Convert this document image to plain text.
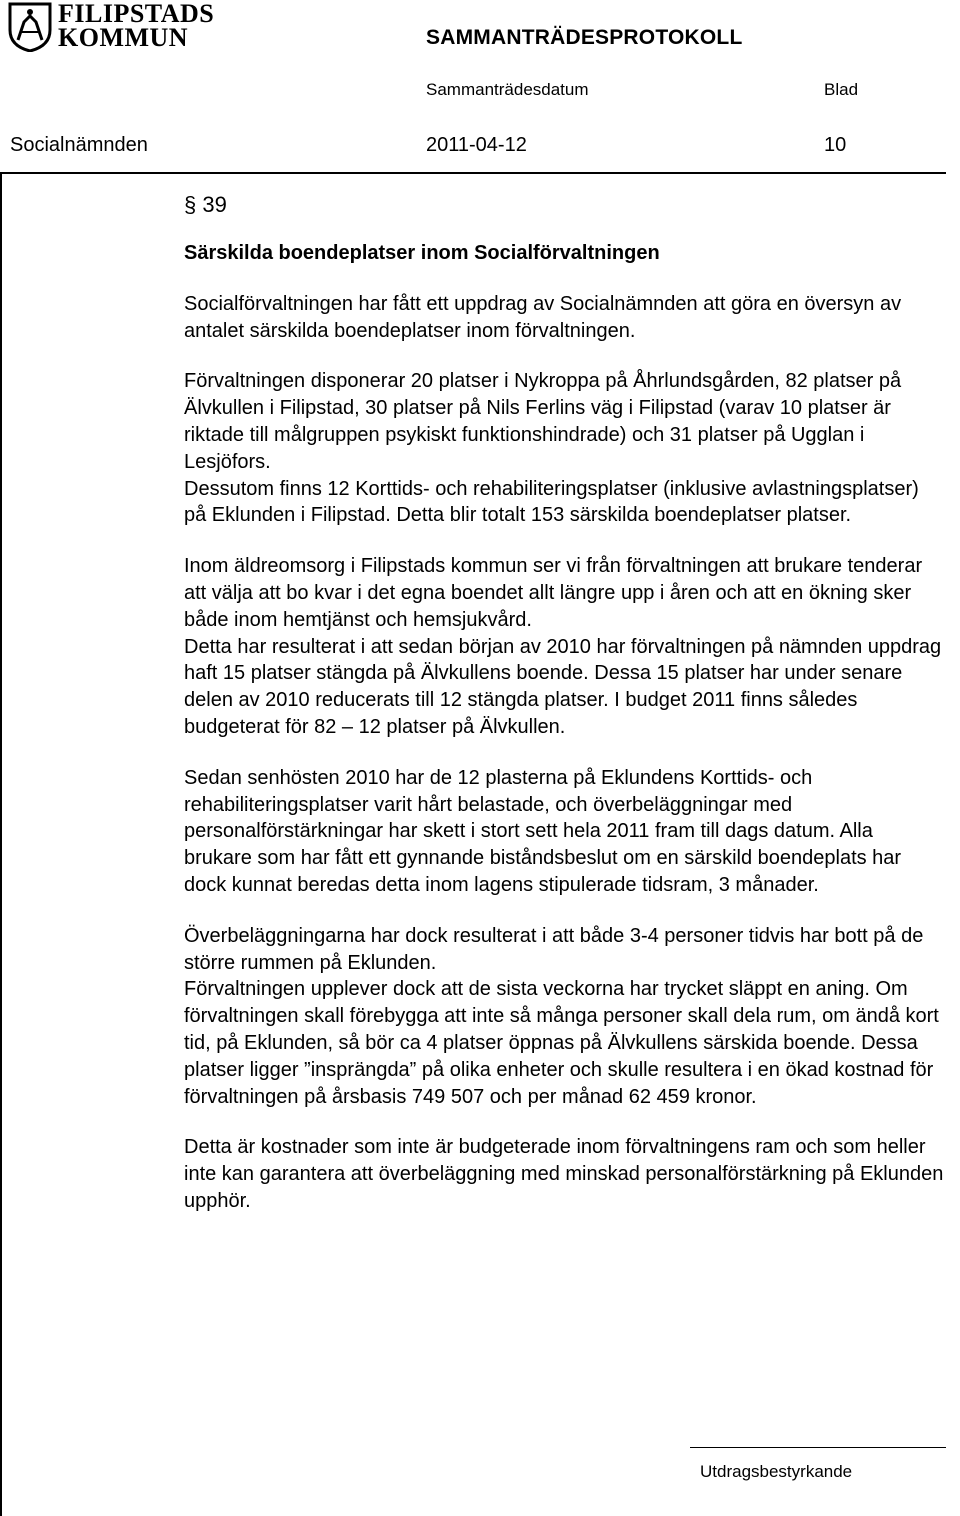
FILIPSTADS
KOMMUN	SAMMANTRÄDESPROTOKOLL
Sammanträdesdatum	Blad
Socialnämnden	2011-04-12	10
§ 39
Särskilda boendeplatser inom Socialförvaltningen

Socialförvaltningen har fått ett uppdrag av Socialnämnden att göra en översyn av antalet särskilda boendeplatser inom förvaltningen.

Förvaltningen disponerar 20 platser i Nykroppa på Åhrlundsgården, 82 platser på Älvkullen i Filipstad, 30 platser på Nils Ferlins väg i Filipstad (varav 10 platser är riktade till målgruppen psykiskt funktionshindrade) och 31 platser på Ugglan i Lesjöfors.
Dessutom finns 12 Korttids- och rehabiliteringsplatser (inklusive avlastningsplatser) på Eklunden i Filipstad. Detta blir totalt 153 särskilda boendeplatser platser.

Inom äldreomsorg i Filipstads kommun ser vi från förvaltningen att brukare tenderar att välja att bo kvar i det egna boendet allt längre upp i åren och att en ökning sker både inom hemtjänst och hemsjukvård.
Detta har resulterat i att sedan början av 2010 har förvaltningen på nämnden uppdrag haft 15 platser stängda på Älvkullens boende. Dessa 15 platser har under senare delen av 2010 reducerats till 12 stängda platser. I budget 2011 finns således budgeterat för 82 – 12 platser på Älvkullen.

Sedan senhösten 2010 har de 12 plasterna på Eklundens Korttids- och rehabiliteringsplatser varit hårt belastade, och överbeläggningar med personalförstärkningar har skett i stort sett hela 2011 fram till dags datum. Alla brukare som har fått ett gynnande biståndsbeslut om en särskild boendeplats har dock kunnat beredas detta inom lagens stipulerade tidsram, 3 månader.

Överbeläggningarna har dock resulterat i att både 3-4 personer tidvis har bott på de större rummen på Eklunden.
Förvaltningen upplever dock att de sista veckorna har trycket släppt en aning. Om förvaltningen skall förebygga att inte så många personer skall dela rum, om ändå kort tid, på Eklunden, så bör ca 4 platser öppnas på Älvkullens särskida boende. Dessa platser ligger ”insprängda” på olika enheter och skulle resultera i en ökad kostnad för förvaltningen på årsbasis 749 507 och per månad 62 459 kronor.

Detta är kostnader som inte är budgeterade inom förvaltningens ram och som heller inte kan garantera att överbeläggning med minskad personalförstärkning på Eklunden upphör.

Utdragsbestyrkande
